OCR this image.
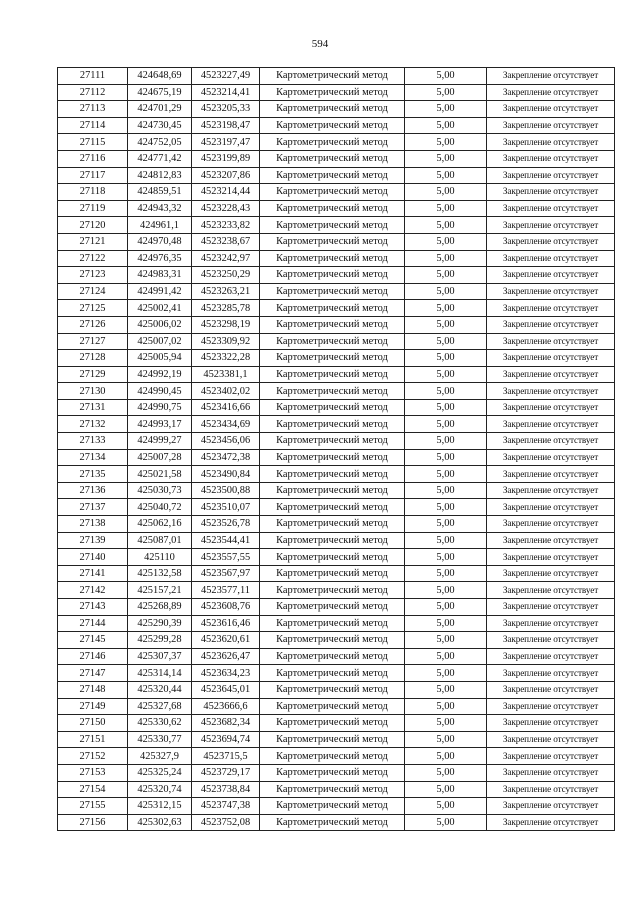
594
27111	424648,69	4523227,49	Картометрический метод	5,00	Закрепление отсутствует
27112	424675,19	4523214,41	Картометрический метод	5,00	Закрепление отсутствует
27113	424701,29	4523205,33	Картометрический метод	5,00	Закрепление отсутствует
27114	424730,45	4523198,47	Картометрический метод	5,00	Закрепление отсутствует
27115	424752,05	4523197,47	Картометрический метод	5,00	Закрепление отсутствует
27116	424771,42	4523199,89	Картометрический метод	5,00	Закрепление отсутствует
27117	424812,83	4523207,86	Картометрический метод	5,00	Закрепление отсутствует
27118	424859,51	4523214,44	Картометрический метод	5,00	Закрепление отсутствует
27119	424943,32	4523228,43	Картометрический метод	5,00	Закрепление отсутствует
27120	424961,1	4523233,82	Картометрический метод	5,00	Закрепление отсутствует
27121	424970,48	4523238,67	Картометрический метод	5,00	Закрепление отсутствует
27122	424976,35	4523242,97	Картометрический метод	5,00	Закрепление отсутствует
27123	424983,31	4523250,29	Картометрический метод	5,00	Закрепление отсутствует
27124	424991,42	4523263,21	Картометрический метод	5,00	Закрепление отсутствует
27125	425002,41	4523285,78	Картометрический метод	5,00	Закрепление отсутствует
27126	425006,02	4523298,19	Картометрический метод	5,00	Закрепление отсутствует
27127	425007,02	4523309,92	Картометрический метод	5,00	Закрепление отсутствует
27128	425005,94	4523322,28	Картометрический метод	5,00	Закрепление отсутствует
27129	424992,19	4523381,1	Картометрический метод	5,00	Закрепление отсутствует
27130	424990,45	4523402,02	Картометрический метод	5,00	Закрепление отсутствует
27131	424990,75	4523416,66	Картометрический метод	5,00	Закрепление отсутствует
27132	424993,17	4523434,69	Картометрический метод	5,00	Закрепление отсутствует
27133	424999,27	4523456,06	Картометрический метод	5,00	Закрепление отсутствует
27134	425007,28	4523472,38	Картометрический метод	5,00	Закрепление отсутствует
27135	425021,58	4523490,84	Картометрический метод	5,00	Закрепление отсутствует
27136	425030,73	4523500,88	Картометрический метод	5,00	Закрепление отсутствует
27137	425040,72	4523510,07	Картометрический метод	5,00	Закрепление отсутствует
27138	425062,16	4523526,78	Картометрический метод	5,00	Закрепление отсутствует
27139	425087,01	4523544,41	Картометрический метод	5,00	Закрепление отсутствует
27140	425110	4523557,55	Картометрический метод	5,00	Закрепление отсутствует
27141	425132,58	4523567,97	Картометрический метод	5,00	Закрепление отсутствует
27142	425157,21	4523577,11	Картометрический метод	5,00	Закрепление отсутствует
27143	425268,89	4523608,76	Картометрический метод	5,00	Закрепление отсутствует
27144	425290,39	4523616,46	Картометрический метод	5,00	Закрепление отсутствует
27145	425299,28	4523620,61	Картометрический метод	5,00	Закрепление отсутствует
27146	425307,37	4523626,47	Картометрический метод	5,00	Закрепление отсутствует
27147	425314,14	4523634,23	Картометрический метод	5,00	Закрепление отсутствует
27148	425320,44	4523645,01	Картометрический метод	5,00	Закрепление отсутствует
27149	425327,68	4523666,6	Картометрический метод	5,00	Закрепление отсутствует
27150	425330,62	4523682,34	Картометрический метод	5,00	Закрепление отсутствует
27151	425330,77	4523694,74	Картометрический метод	5,00	Закрепление отсутствует
27152	425327,9	4523715,5	Картометрический метод	5,00	Закрепление отсутствует
27153	425325,24	4523729,17	Картометрический метод	5,00	Закрепление отсутствует
27154	425320,74	4523738,84	Картометрический метод	5,00	Закрепление отсутствует
27155	425312,15	4523747,38	Картометрический метод	5,00	Закрепление отсутствует
27156	425302,63	4523752,08	Картометрический метод	5,00	Закрепление отсутствует
